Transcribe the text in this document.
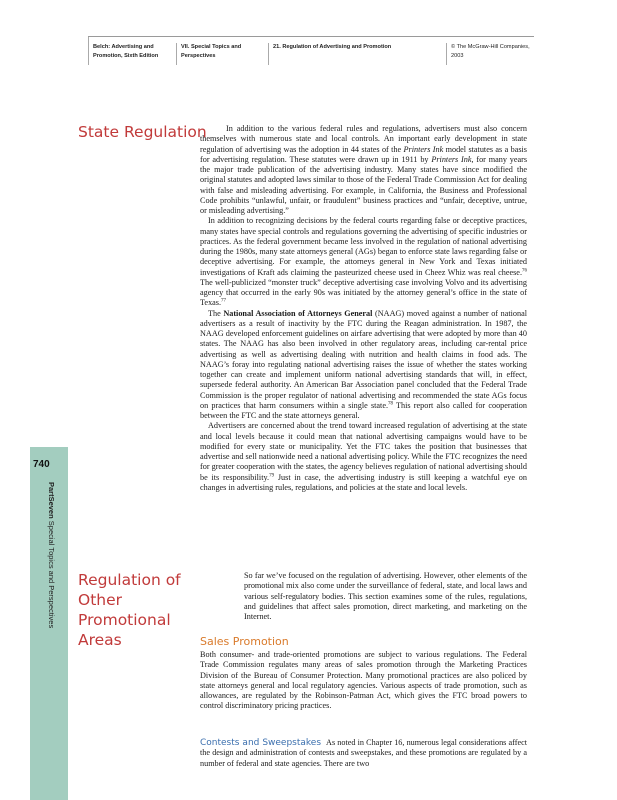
Belch: Advertising and Promotion, Sixth Edition
VII. Special Topics and Perspectives
21. Regulation of Advertising and Promotion	© The McGraw-Hill Companies, 2003
740
PartSeven Special Topics and Perspectives
State Regulation	In addition to the various federal rules and regulations, advertisers must also concern themselves with numerous state and local controls. An important early development in state regulation of advertising was the adoption in 44 states of the Printers Ink model statutes as a basis for advertising regulation. These statutes were drawn up in 1911 by Printers Ink, for many years the major trade publication of the advertising industry. Many states have since modified the original statutes and adopted laws similar to those of the Federal Trade Commission Act for dealing with false and misleading advertising. For example, in California, the Business and Professional Code prohibits “unlawful, unfair, or fraudulent” business practices and “unfair, deceptive, untrue, or misleading advertising.”

In addition to recognizing decisions by the federal courts regarding false or deceptive practices, many states have special controls and regulations governing the advertising of specific industries or practices. As the federal government became less involved in the regulation of national advertising during the 1980s, many state attorneys general (AGs) began to enforce state laws regarding false or deceptive advertising. For example, the attorneys general in New York and Texas initiated investigations of Kraft ads claiming the pasteurized cheese used in Cheez Whiz was real cheese.$^{76}$ The well-publicized “monster truck” deceptive advertising case involving Volvo and its advertising agency that occurred in the early 90s was initiated by the attorney general’s office in the state of Texas.$^{77}$

The National Association of Attorneys General (NAAG) moved against a number of national advertisers as a result of inactivity by the FTC during the Reagan administration. In 1987, the NAAG developed enforcement guidelines on airfare advertising that were adopted by more than 40 states. The NAAG has also been involved in other regulatory areas, including car-rental price advertising as well as advertising dealing with nutrition and health claims in food ads. The NAAG’s foray into regulating national advertising raises the issue of whether the states working together can create and implement uniform national advertising standards that will, in effect, supersede federal authority. An American Bar Association panel concluded that the Federal Trade Commission is the proper regulator of national advertising and recommended the state AGs focus on practices that harm consumers within a single state.$^{78}$ This report also called for cooperation between the FTC and the state attorneys general.

Advertisers are concerned about the trend toward increased regulation of advertising at the state and local levels because it could mean that national advertising campaigns would have to be modified for every state or municipality. Yet the FTC takes the position that businesses that advertise and sell nationwide need a national advertising policy. While the FTC recognizes the need for greater cooperation with the states, the agency believes regulation of national advertising should be its responsibility.$^{79}$ Just in case, the advertising industry is still keeping a watchful eye on changes in advertising rules, regulations, and policies at the state and local levels.

Regulation of Other Promotional Areas

So far we’ve focused on the regulation of advertising. However, other elements of the promotional mix also come under the surveillance of federal, state, and local laws and various self-regulatory bodies. This section examines some of the rules, regulations, and guidelines that affect sales promotion, direct marketing, and marketing on the Internet.

Sales Promotion

Both consumer- and trade-oriented promotions are subject to various regulations. The Federal Trade Commission regulates many areas of sales promotion through the Marketing Practices Division of the Bureau of Consumer Protection. Many promotional practices are also policed by state attorneys general and local regulatory agencies. Various aspects of trade promotion, such as allowances, are regulated by the Robinson-Patman Act, which gives the FTC broad powers to control discriminatory pricing practices.

Contests and Sweepstakes As noted in Chapter 16, numerous legal considerations affect the design and administration of contests and sweepstakes, and these promotions are regulated by a number of federal and state agencies. There are two
